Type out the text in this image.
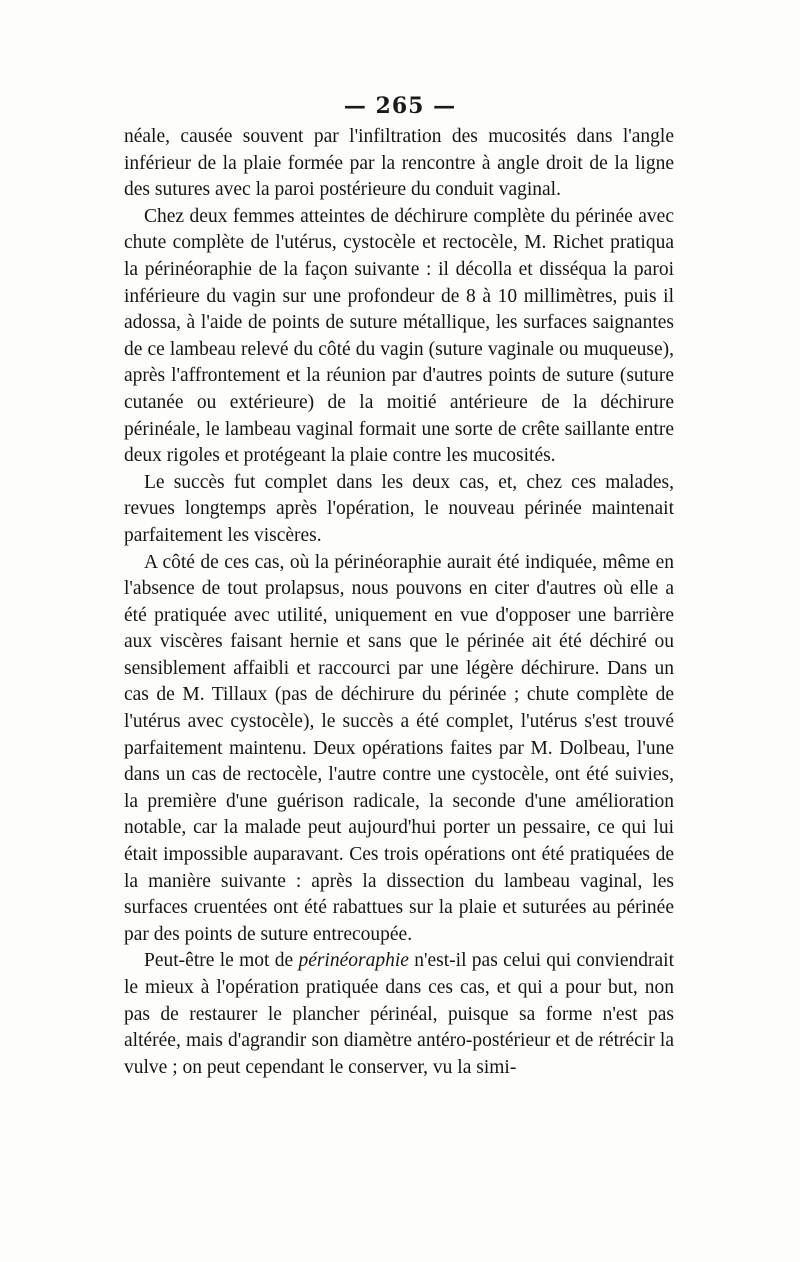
— 265 —

néale, causée souvent par l'infiltration des mucosités dans l'angle inférieur de la plaie formée par la rencontre à angle droit de la ligne des sutures avec la paroi postérieure du conduit vaginal.

Chez deux femmes atteintes de déchirure complète du périnée avec chute complète de l'utérus, cystocèle et rectocèle, M. Richet pratiqua la périnéoraphie de la façon suivante : il décolla et disséqua la paroi inférieure du vagin sur une profondeur de 8 à 10 millimètres, puis il adossa, à l'aide de points de suture métallique, les surfaces saignantes de ce lambeau relevé du côté du vagin (suture vaginale ou muqueuse), après l'affrontement et la réunion par d'autres points de suture (suture cutanée ou extérieure) de la moitié antérieure de la déchirure périnéale, le lambeau vaginal formait une sorte de crête saillante entre deux rigoles et protégeant la plaie contre les mucosités.

Le succès fut complet dans les deux cas, et, chez ces malades, revues longtemps après l'opération, le nouveau périnée maintenait parfaitement les viscères.

A côté de ces cas, où la périnéoraphie aurait été indiquée, même en l'absence de tout prolapsus, nous pouvons en citer d'autres où elle a été pratiquée avec utilité, uniquement en vue d'opposer une barrière aux viscères faisant hernie et sans que le périnée ait été déchiré ou sensiblement affaibli et raccourci par une légère déchirure. Dans un cas de M. Tillaux (pas de déchirure du périnée ; chute complète de l'utérus avec cystocèle), le succès a été complet, l'utérus s'est trouvé parfaitement maintenu. Deux opérations faites par M. Dolbeau, l'une dans un cas de rectocèle, l'autre contre une cystocèle, ont été suivies, la première d'une guérison radicale, la seconde d'une amélioration notable, car la malade peut aujourd'hui porter un pessaire, ce qui lui était impossible auparavant. Ces trois opérations ont été pratiquées de la manière suivante : après la dissection du lambeau vaginal, les surfaces cruentées ont été rabattues sur la plaie et suturées au périnée par des points de suture entrecoupée.

Peut-être le mot de périnéoraphie n'est-il pas celui qui conviendrait le mieux à l'opération pratiquée dans ces cas, et qui a pour but, non pas de restaurer le plancher périnéal, puisque sa forme n'est pas altérée, mais d'agrandir son diamètre antéro-postérieur et de rétrécir la vulve ; on peut cependant le conserver, vu la simi-
